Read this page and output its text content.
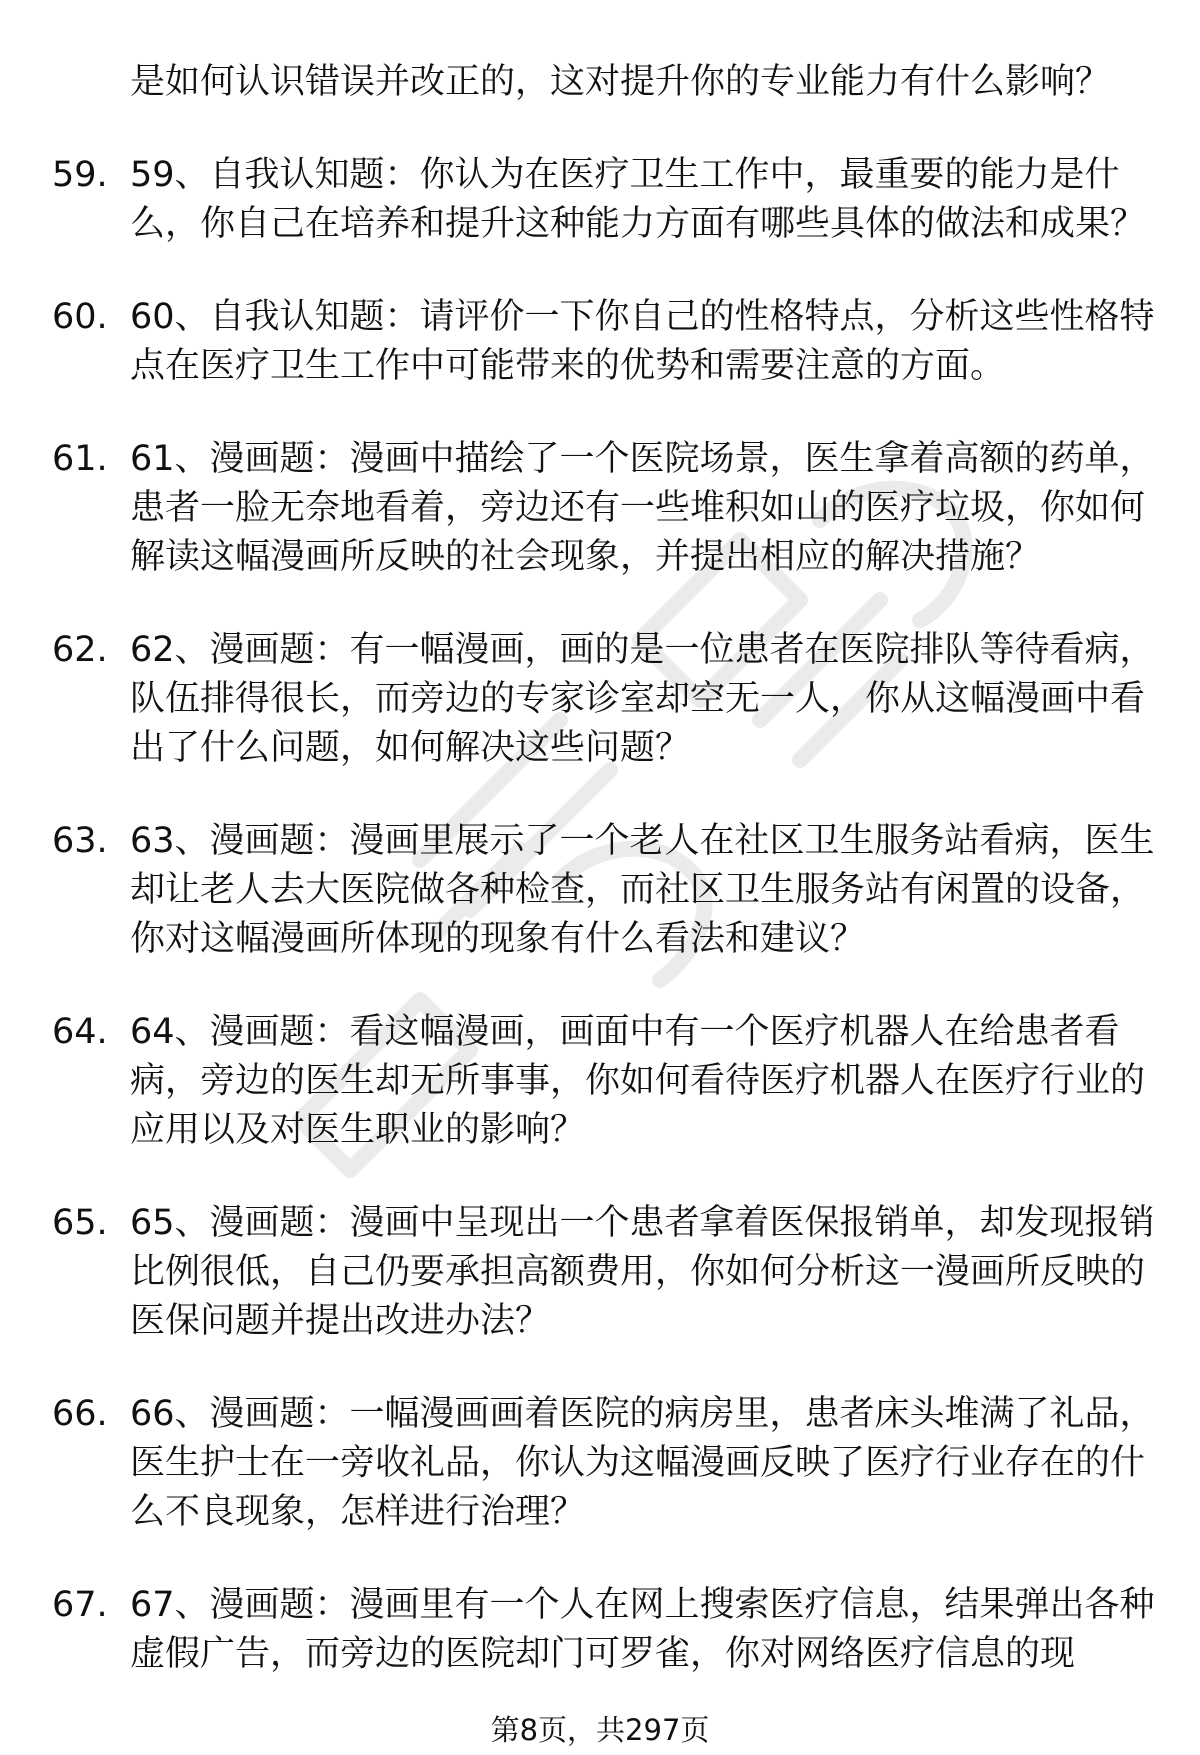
是如何认识错误并改正的，这对提升你的专业能力有什么影响？
59. 59、自我认知题：你认为在医疗卫生工作中，最重要的能力是什么，你自己在培养和提升这种能力方面有哪些具体的做法和成果？
60. 60、自我认知题：请评价一下你自己的性格特点，分析这些性格特点在医疗卫生工作中可能带来的优势和需要注意的方面。
61. 61、漫画题：漫画中描绘了一个医院场景，医生拿着高额的药单，患者一脸无奈地看着，旁边还有一些堆积如山的医疗垃圾，你如何解读这幅漫画所反映的社会现象，并提出相应的解决措施？
62. 62、漫画题：有一幅漫画，画的是一位患者在医院排队等待看病，队伍排得很长，而旁边的专家诊室却空无一人，你从这幅漫画中看出了什么问题，如何解决这些问题？
63. 63、漫画题：漫画里展示了一个老人在社区卫生服务站看病，医生却让老人去大医院做各种检查，而社区卫生服务站有闲置的设备，你对这幅漫画所体现的现象有什么看法和建议？
64. 64、漫画题：看这幅漫画，画面中有一个医疗机器人在给患者看病，旁边的医生却无所事事，你如何看待医疗机器人在医疗行业的应用以及对医生职业的影响？
65. 65、漫画题：漫画中呈现出一个患者拿着医保报销单，却发现报销比例很低，自己仍要承担高额费用，你如何分析这一漫画所反映的医保问题并提出改进办法？
66. 66、漫画题：一幅漫画画着医院的病房里，患者床头堆满了礼品，医生护士在一旁收礼品，你认为这幅漫画反映了医疗行业存在的什么不良现象，怎样进行治理？
67. 67、漫画题：漫画里有一个人在网上搜索医疗信息，结果弹出各种虚假广告，而旁边的医院却门可罗雀，你对网络医疗信息的现
第8页，共297页
